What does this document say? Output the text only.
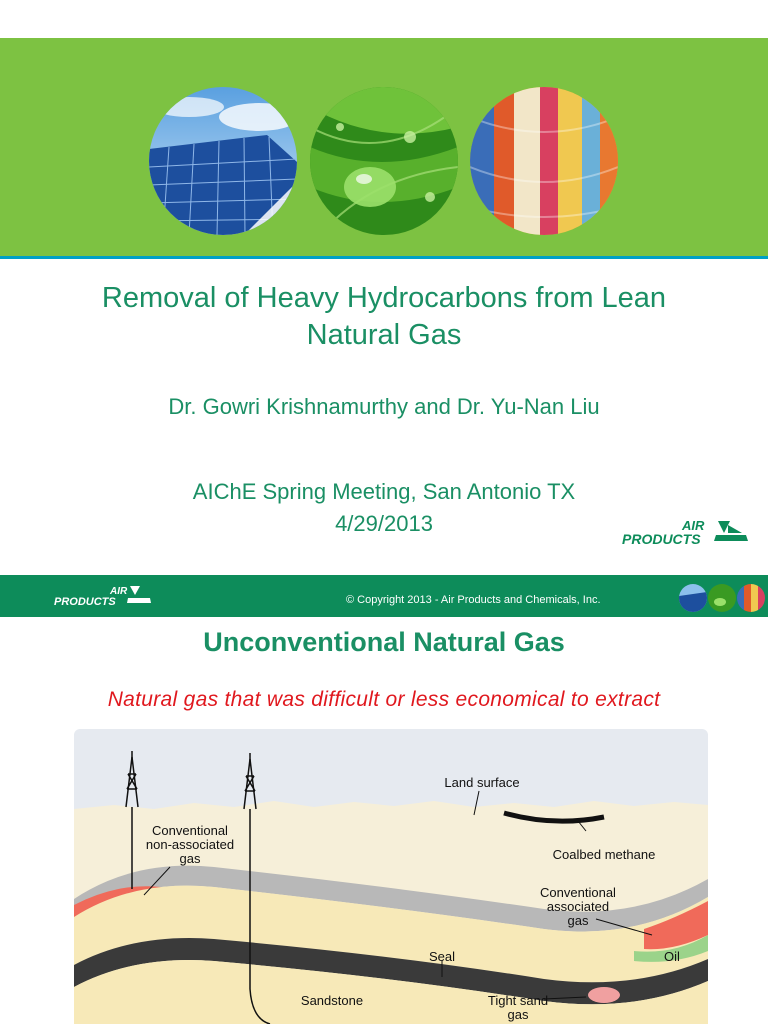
Removal of Heavy Hydrocarbons from Lean
Natural Gas
Dr. Gowri Krishnamurthy and Dr. Yu-Nan Liu
AIChE Spring Meeting, San Antonio TX
4/29/2013	AIR
PRODUCTS
AIR
PRODUCTS	© Copyright 2013 - Air Products and Chemicals, Inc.
Unconventional Natural Gas
Natural gas that was difficult or less economical to extract
Land surface
Conventional
non-associated
gas	Coalbed methane
Conventional
associated
gas
Seal	Oil
Sandstone	Tight sand
gas
